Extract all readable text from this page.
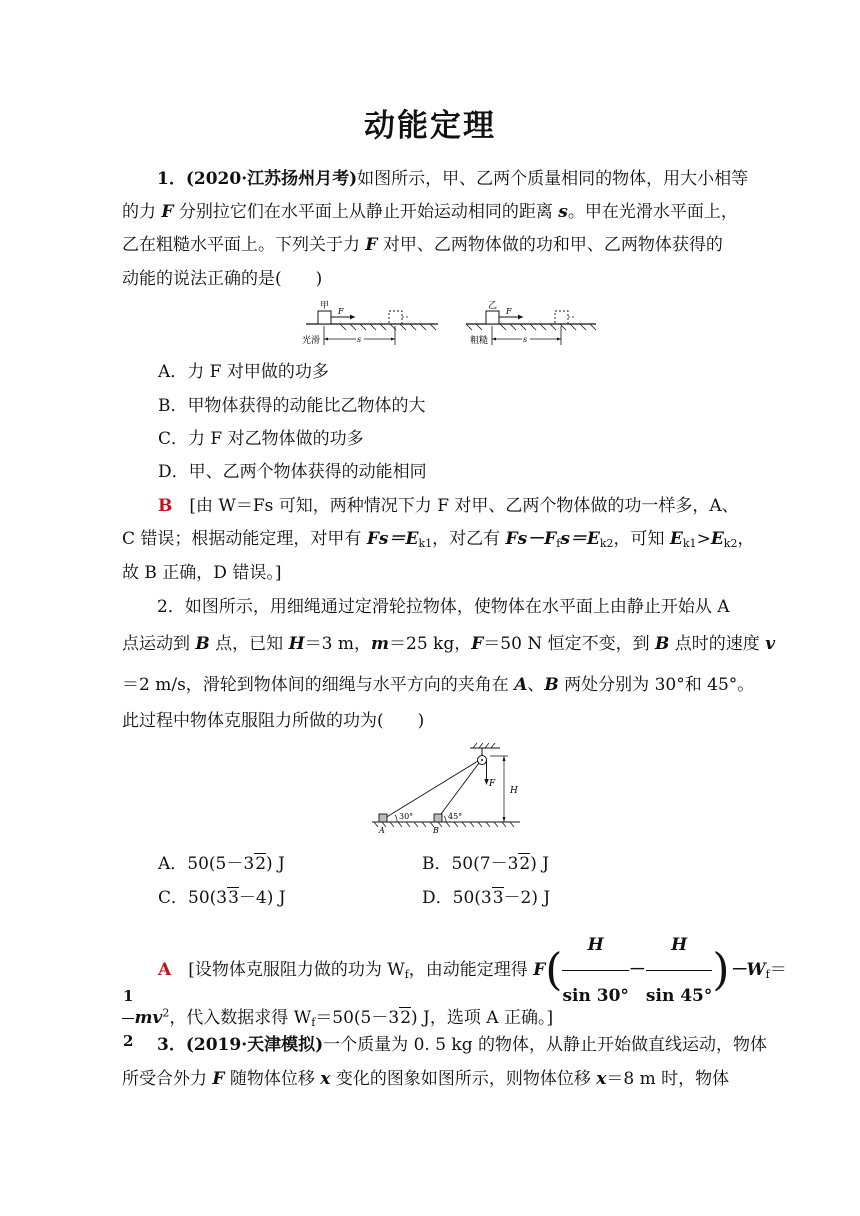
动能定理
1．(2020·江苏扬州月考)如图所示，甲、乙两个质量相同的物体，用大小相等
的力 F 分别拉它们在水平面上从静止开始运动相同的距离 s。甲在光滑水平面上，
乙在粗糙水平面上。下列关于力 F 对甲、乙两物体做的功和甲、乙两物体获得的
动能的说法正确的是(　　)
甲
F
s
光滑
乙
F
s
粗糙
A．力 F 对甲做的功多
B．甲物体获得的动能比乙物体的大
C．力 F 对乙物体做的功多
D．甲、乙两个物体获得的动能相同
B　 [由 W＝Fs 可知，两种情况下力 F 对甲、乙两个物体做的功一样多，A、
C 错误；根据动能定理，对甲有 $Fs=E_{k1}$，对乙有 $Fs-F_fs=E_{k2}$，可知 $E_{k1}>E_{k2}$，
故 B 正确，D 错误。]
2．如图所示，用细绳通过定滑轮拉物体，使物体在水平面上由静止开始从 A
点运动到 B 点，已知 H＝3 m，m＝25 kg，F＝50 N 恒定不变，到 B 点时的速度 v
＝2 m/s，滑轮到物体间的细绳与水平方向的夹角在 A、B 两处分别为 30°和 45°。
此过程中物体克服阻力所做的功为(　　)
F
H
30°	45°
A	B
A．50(5－32) J	B．50(7－32) J
C．50(33－4) J	D．50(33－2) J
A　 [设物体克服阻力做的功为 $W_f$，由动能定理得 $F( \frac{H}{\sin 30^\circ} - \frac{H}{\sin 45^\circ} )-W_f=$
$\frac{1}{2} mv^2$，代入数据求得 $W_f=50(5-32)$ J，选项 A 正确。]
3．(2019·天津模拟)一个质量为 0. 5 kg 的物体，从静止开始做直线运动，物体
所受合外力 F 随物体位移 x 变化的图象如图所示，则物体位移 x＝8 m 时，物体
